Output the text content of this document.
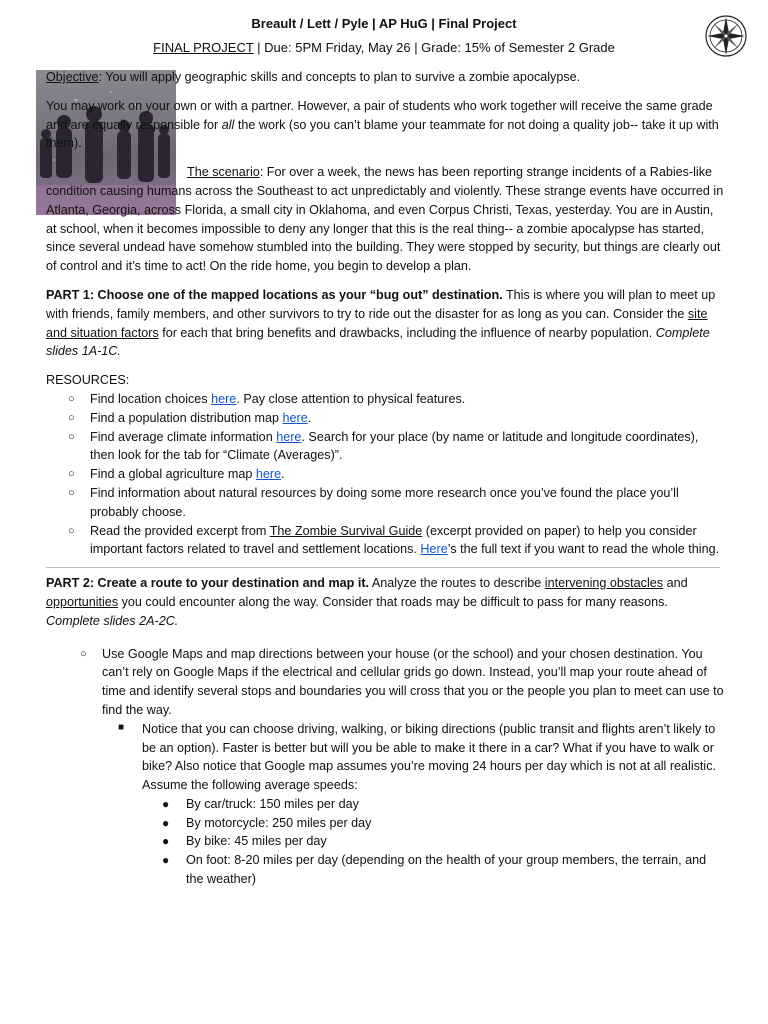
Breault / Lett / Pyle | AP HuG | Final Project
FINAL PROJECT | Due: 5PM Friday, May 26 | Grade: 15% of Semester 2 Grade

Objective: You will apply geographic skills and concepts to plan to survive a zombie apocalypse.

You may work on your own or with a partner. However, a pair of students who work together will receive the same grade and are equally responsible for all the work (so you can’t blame your teammate for not doing a quality job-- take it up with them).

The scenario: For over a week, the news has been reporting strange incidents of a Rabies-like condition causing humans across the Southeast to act unpredictably and violently. These strange events have occurred in Atlanta, Georgia, across Florida, a small city in Oklahoma, and even Corpus Christi, Texas, yesterday. You are in Austin, at school, when it becomes impossible to deny any longer that this is the real thing-- a zombie apocalypse has started, since several undead have somehow stumbled into the building. They were stopped by security, but things are clearly out of control and it’s time to act! On the ride home, you begin to develop a plan.

PART 1: Choose one of the mapped locations as your “bug out” destination. This is where you will plan to meet up with friends, family members, and other survivors to try to ride out the disaster for as long as you can. Consider the site and situation factors for each that bring benefits and drawbacks, including the influence of nearby population. Complete slides 1A-1C.

RESOURCES:
○ Find location choices here. Pay close attention to physical features.
○ Find a population distribution map here.
○ Find average climate information here. Search for your place (by name or latitude and longitude coordinates), then look for the tab for “Climate (Averages)”.
○ Find a global agriculture map here.
○ Find information about natural resources by doing some more research once you’ve found the place you’ll probably choose.
○ Read the provided excerpt from The Zombie Survival Guide (excerpt provided on paper) to help you consider important factors related to travel and settlement locations. Here’s the full text if you want to read the whole thing.

PART 2: Create a route to your destination and map it. Analyze the routes to describe intervening obstacles and opportunities you could encounter along the way. Consider that roads may be difficult to pass for many reasons. Complete slides 2A-2C.

○ Use Google Maps and map directions between your house (or the school) and your chosen destination. You can’t rely on Google Maps if the electrical and cellular grids go down. Instead, you’ll map your route ahead of time and identify several stops and boundaries you will cross that you or the people you plan to meet can use to find the way.
■ Notice that you can choose driving, walking, or biking directions (public transit and flights aren’t likely to be an option). Faster is better but will you be able to make it there in a car? What if you have to walk or bike? Also notice that Google map assumes you’re moving 24 hours per day which is not at all realistic. Assume the following average speeds:
● By car/truck: 150 miles per day
● By motorcycle: 250 miles per day
● By bike: 45 miles per day
● On foot: 8-20 miles per day (depending on the health of your group members, the terrain, and the weather)
